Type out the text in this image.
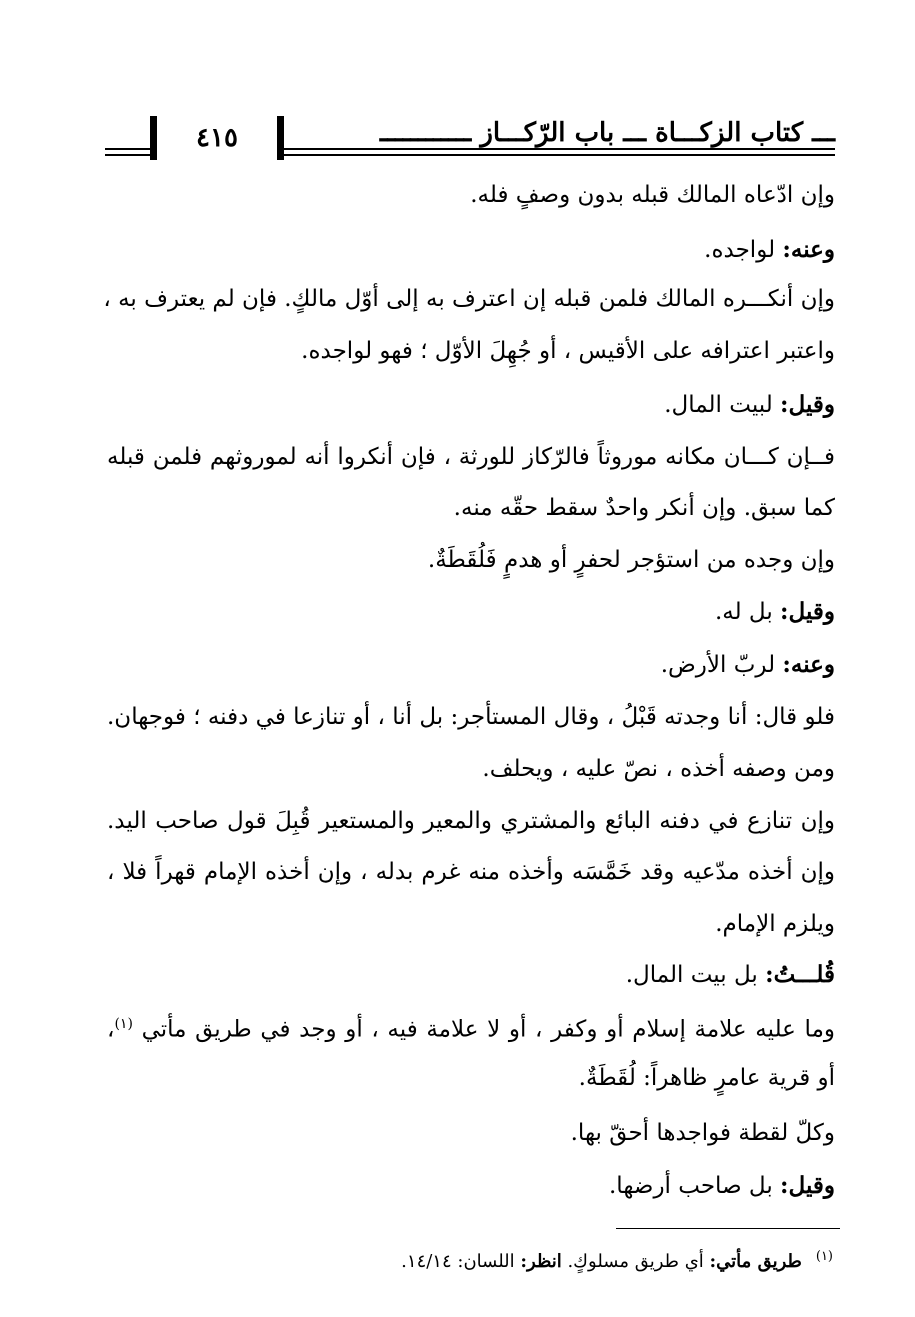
٤١٥	ـــ كتاب الزكـــاة ـــ باب الرّكـــاز ــــــــــــ
وإن ادّعاه المالك قبله بدون وصفٍ فله.
وعنه: لواجده.
وإن أنكـــره المالك فلمن قبله إن اعترف به إلى أوّل مالكٍ. فإن لم يعترف به ،
واعتبر اعترافه على الأقيس ، أو جُهِلَ الأوّل ؛ فهو لواجده.
وقيل: لبيت المال.
فــإن كـــان مكانه موروثاً فالرّكاز للورثة ، فإن أنكروا أنه لموروثهم فلمن قبله
كما سبق. وإن أنكر واحدٌ سقط حقّه منه.
وإن وجده من استؤجر لحفرٍ أو هدمٍ فَلُقَطَةٌ.
وقيل: بل له.
وعنه: لربّ الأرض.
فلو قال: أنا وجدته قَبْلُ ، وقال المستأجر: بل أنا ، أو تنازعا في دفنه ؛ فوجهان.
ومن وصفه أخذه ، نصّ عليه ، ويحلف.
وإن تنازع في دفنه البائع والمشتري والمعير والمستعير قُبِلَ قول صاحب اليد.
وإن أخذه مدّعيه وقد خَمَّسَه وأخذه منه غرم بدله ، وإن أخذه الإمام قهراً فلا ،
ويلزم الإمام.
قُلـــتُ: بل بيت المال.
وما عليه علامة إسلام أو وكفر ، أو لا علامة فيه ، أو وجد في طريق مأتي $^{(١)}$،
أو قرية عامرٍ ظاهراً: لُقَطَةٌ.
وكلّ لقطة فواجدها أحقّ بها.
وقيل: بل صاحب أرضها.
$^{(١)}$طريق مأتي: أي طريق مسلوكٍ. انظر: اللسان: ١٤/١٤.
